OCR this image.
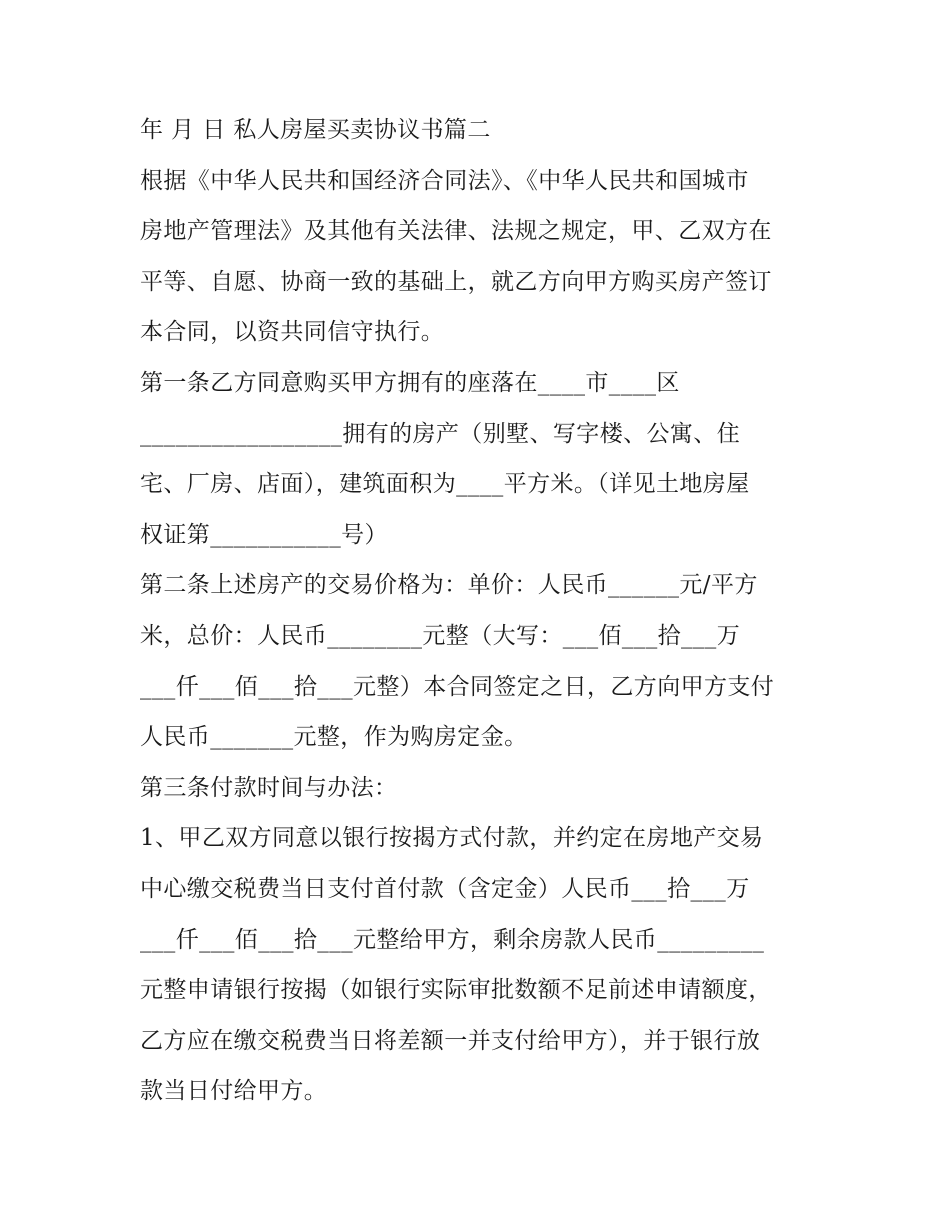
年 月 日 私人房屋买卖协议书篇二
根据《中华人民共和国经济合同法》、《中华人民共和国城市
房地产管理法》及其他有关法律、法规之规定，甲、乙双方在
平等、自愿、协商一致的基础上，就乙方向甲方购买房产签订
本合同，以资共同信守执行。
第一条乙方同意购买甲方拥有的座落在____市____区
_________________拥有的房产（别墅、写字楼、公寓、住
宅、厂房、店面），建筑面积为____平方米。（详见土地房屋
权证第___________号）
第二条上述房产的交易价格为：单价：人民币______元/平方
米，总价：人民币________元整（大写：___佰___拾___万
___仟___佰___拾___元整）本合同签定之日，乙方向甲方支付
人民币_______元整，作为购房定金。
第三条付款时间与办法：
1、甲乙双方同意以银行按揭方式付款，并约定在房地产交易
中心缴交税费当日支付首付款（含定金）人民币___拾___万
___仟___佰___拾___元整给甲方，剩余房款人民币_________
元整申请银行按揭（如银行实际审批数额不足前述申请额度，
乙方应在缴交税费当日将差额一并支付给甲方），并于银行放
款当日付给甲方。
